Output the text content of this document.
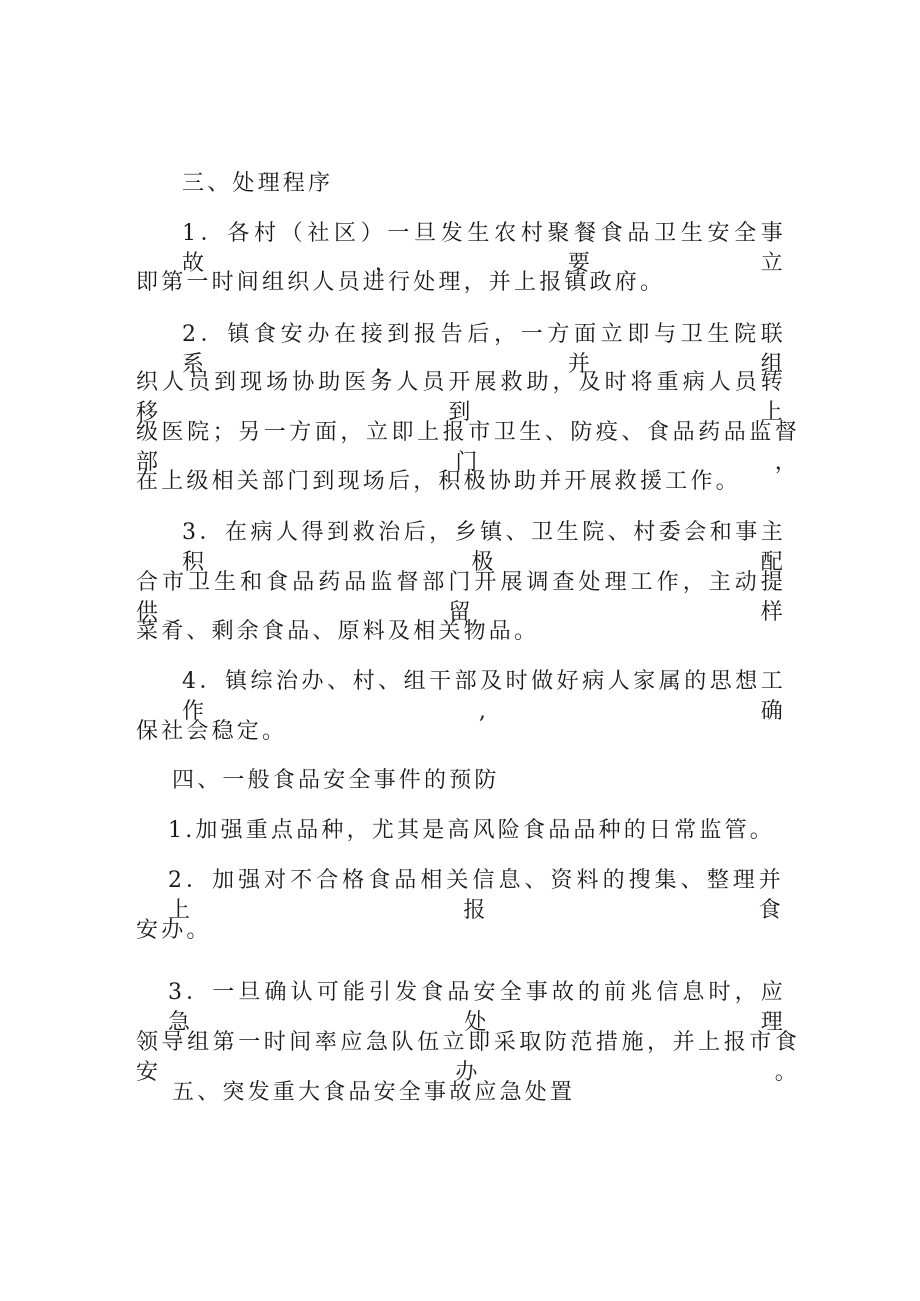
三、处理程序
1．各村（社区）一旦发生农村聚餐食品卫生安全事故，要立
即第一时间组织人员进行处理，并上报镇政府。
2．镇食安办在接到报告后，一方面立即与卫生院联系，并组
织人员到现场协助医务人员开展救助，及时将重病人员转移到上
级医院；另一方面，立即上报市卫生、防疫、食品药品监督部门，
在上级相关部门到现场后，积极协助并开展救援工作。
3．在病人得到救治后，乡镇、卫生院、村委会和事主积极配
合市卫生和食品药品监督部门开展调查处理工作，主动提供留样
菜肴、剩余食品、原料及相关物品。
4．镇综治办、村、组干部及时做好病人家属的思想工作,确
保社会稳定。
四、一般食品安全事件的预防
1.加强重点品种，尤其是高风险食品品种的日常监管。
2．加强对不合格食品相关信息、资料的搜集、整理并上报食
安办。
3．一旦确认可能引发食品安全事故的前兆信息时，应急处理
领导组第一时间率应急队伍立即采取防范措施，并上报市食安办。
五、突发重大食品安全事故应急处置
